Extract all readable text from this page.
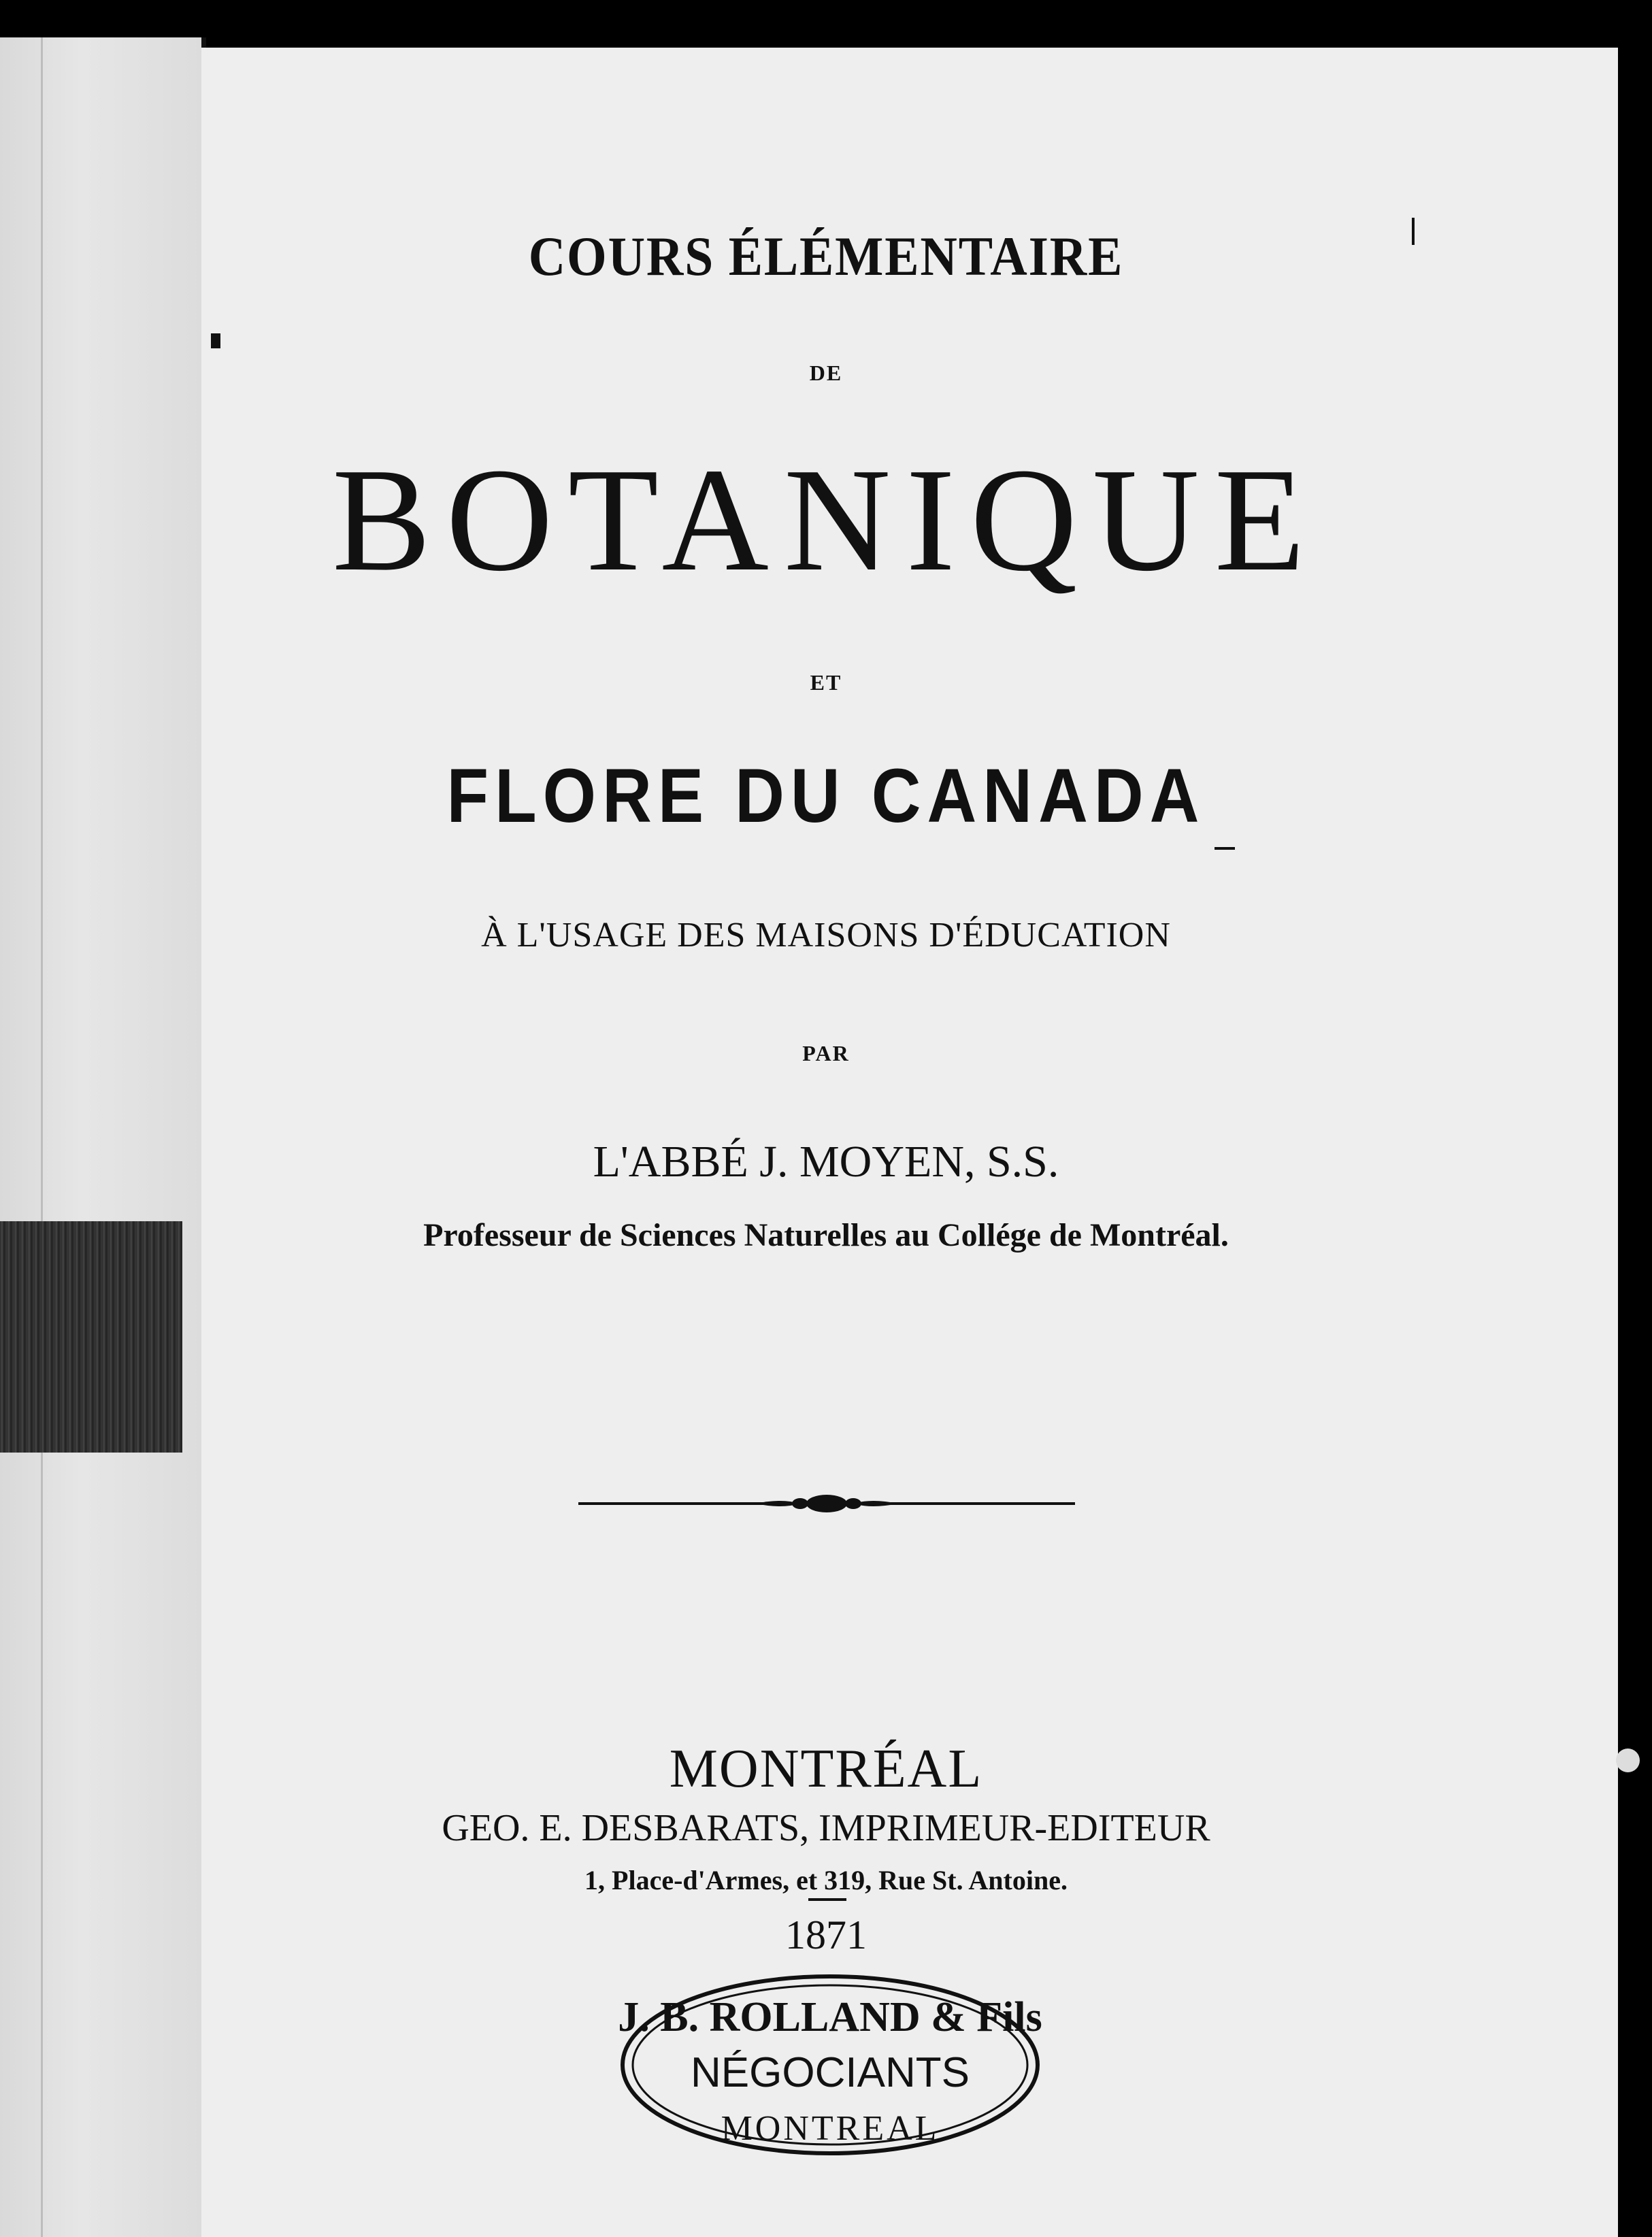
COURS ÉLÉMENTAIRE
DE
BOTANIQUE
ET
FLORE DU CANADA
À L'USAGE DES MAISONS D'ÉDUCATION
PAR
L'ABBÉ J. MOYEN, S.S.
Professeur de Sciences Naturelles au Collége de Montréal.
MONTRÉAL
GEO. E. DESBARATS, IMPRIMEUR-EDITEUR
1, Place-d'Armes, et 319, Rue St. Antoine.
1871
J. B. ROLLAND & Fils
NÉGOCIANTS
MONTREAL
